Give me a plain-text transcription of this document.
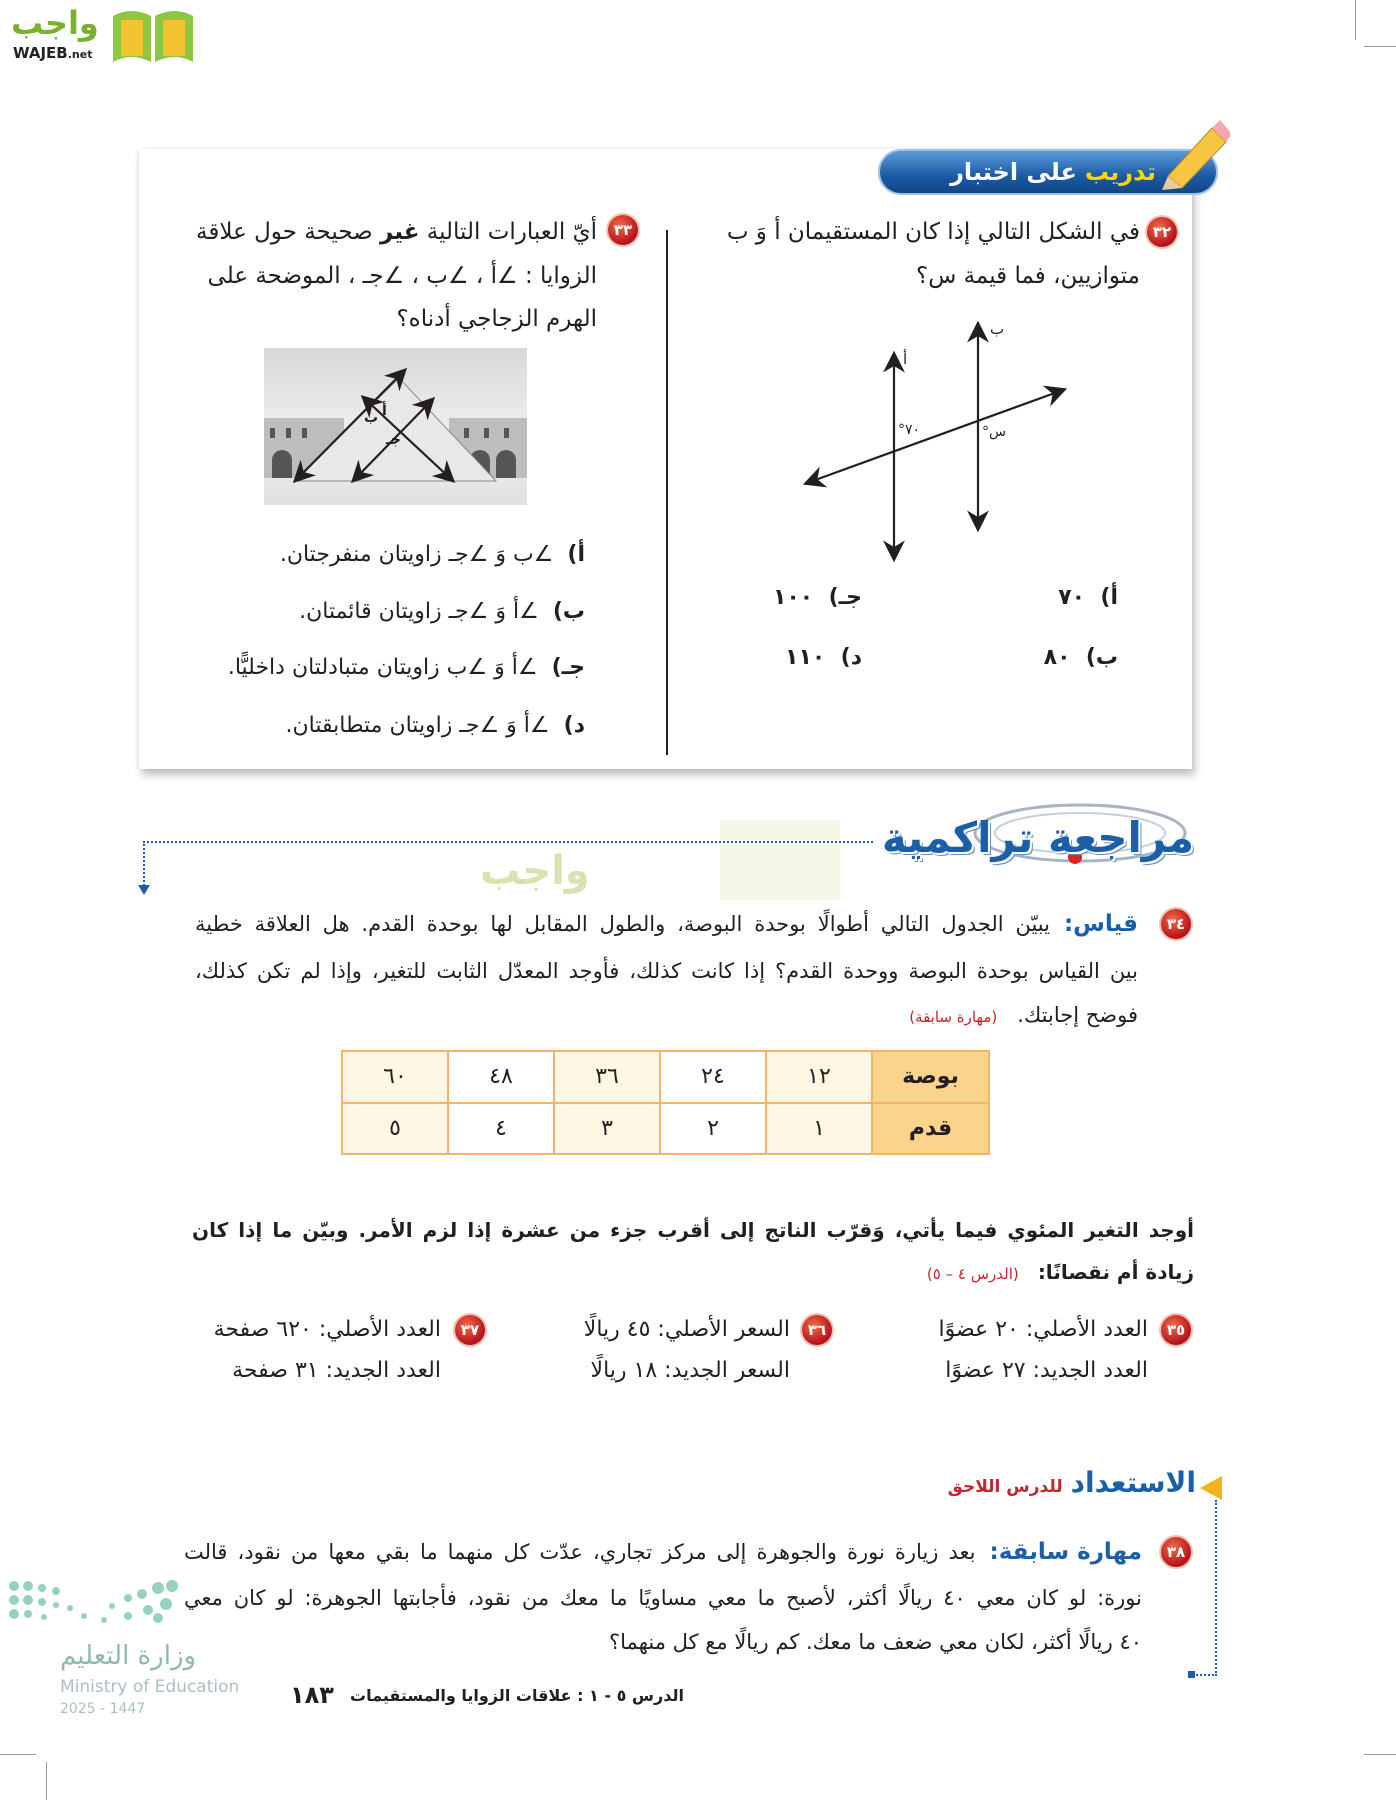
واجب
WAJEB.net
تدريب
على اختبار
٣٢
في الشكل التالي إذا كان المستقيمان أ وَ ب
متوازيين، فما قيمة س؟
أ
ب
٧٠°	س°
أ)  ٧٠
ب)  ٨٠
جـ)  ١٠٠
د)  ١١٠
٣٣
أيّ العبارات التالية غير صحيحة حول علاقة
الزوايا : ∠أ ، ∠ب ، ∠جـ ، الموضحة على
الهرم الزجاجي أدناه؟
أ
ب
جـ
أ)  ∠ب وَ ∠جـ زاويتان منفرجتان.
ب)  ∠أ وَ ∠جـ زاويتان قائمتان.
جـ)  ∠أ وَ ∠ب زاويتان متبادلتان داخليًّا.
د)  ∠أ وَ ∠جـ زاويتان متطابقتان.
واجب
مراجعة تراكمية
٣٤
قياس:
يبيّن الجدول التالي أطوالًا بوحدة البوصة، والطول المقابل لها بوحدة القدم. هل العلاقة خطية
بين القياس بوحدة البوصة ووحدة القدم؟ إذا كانت كذلك، فأوجد المعدّل الثابت للتغير، وإذا لم تكن كذلك،
فوضح إجابتك.   (مهارة سابقة)
بوصة	١٢	٢٤	٣٦	٤٨	٦٠
قدم	١	٢	٣	٤	٥
أوجد التغير المئوي فيما يأتي، وَقرّب الناتج إلى أقرب جزء من عشرة إذا لزم الأمر. وبيّن ما إذا كان
زيادة أم نقصانًا:   (الدرس ٤ – ٥)
٣٥
العدد الأصلي: ٢٠ عضوًا
العدد الجديد: ٢٧ عضوًا
٣٦
السعر الأصلي: ٤٥ ريالًا
السعر الجديد: ١٨ ريالًا
٣٧
العدد الأصلي: ٦٢٠ صفحة
العدد الجديد: ٣١ صفحة
الاستعداد
للدرس اللاحق
٣٨
مهارة سابقة:
بعد زيارة نورة والجوهرة إلى مركز تجاري، عدّت كل منهما ما بقي معها من نقود، قالت
نورة: لو كان معي ٤٠ ريالًا أكثر، لأصبح ما معي مساويًا ما معك من نقود، فأجابتها الجوهرة: لو كان معي
٤٠ ريالًا أكثر، لكان معي ضعف ما معك. كم ريالًا مع كل منهما؟
وزارة التعليم
Ministry of Education
2025 - 1447	١٨٣ الدرس ٥ - ١ : علاقات الزوايا والمستقيمات
